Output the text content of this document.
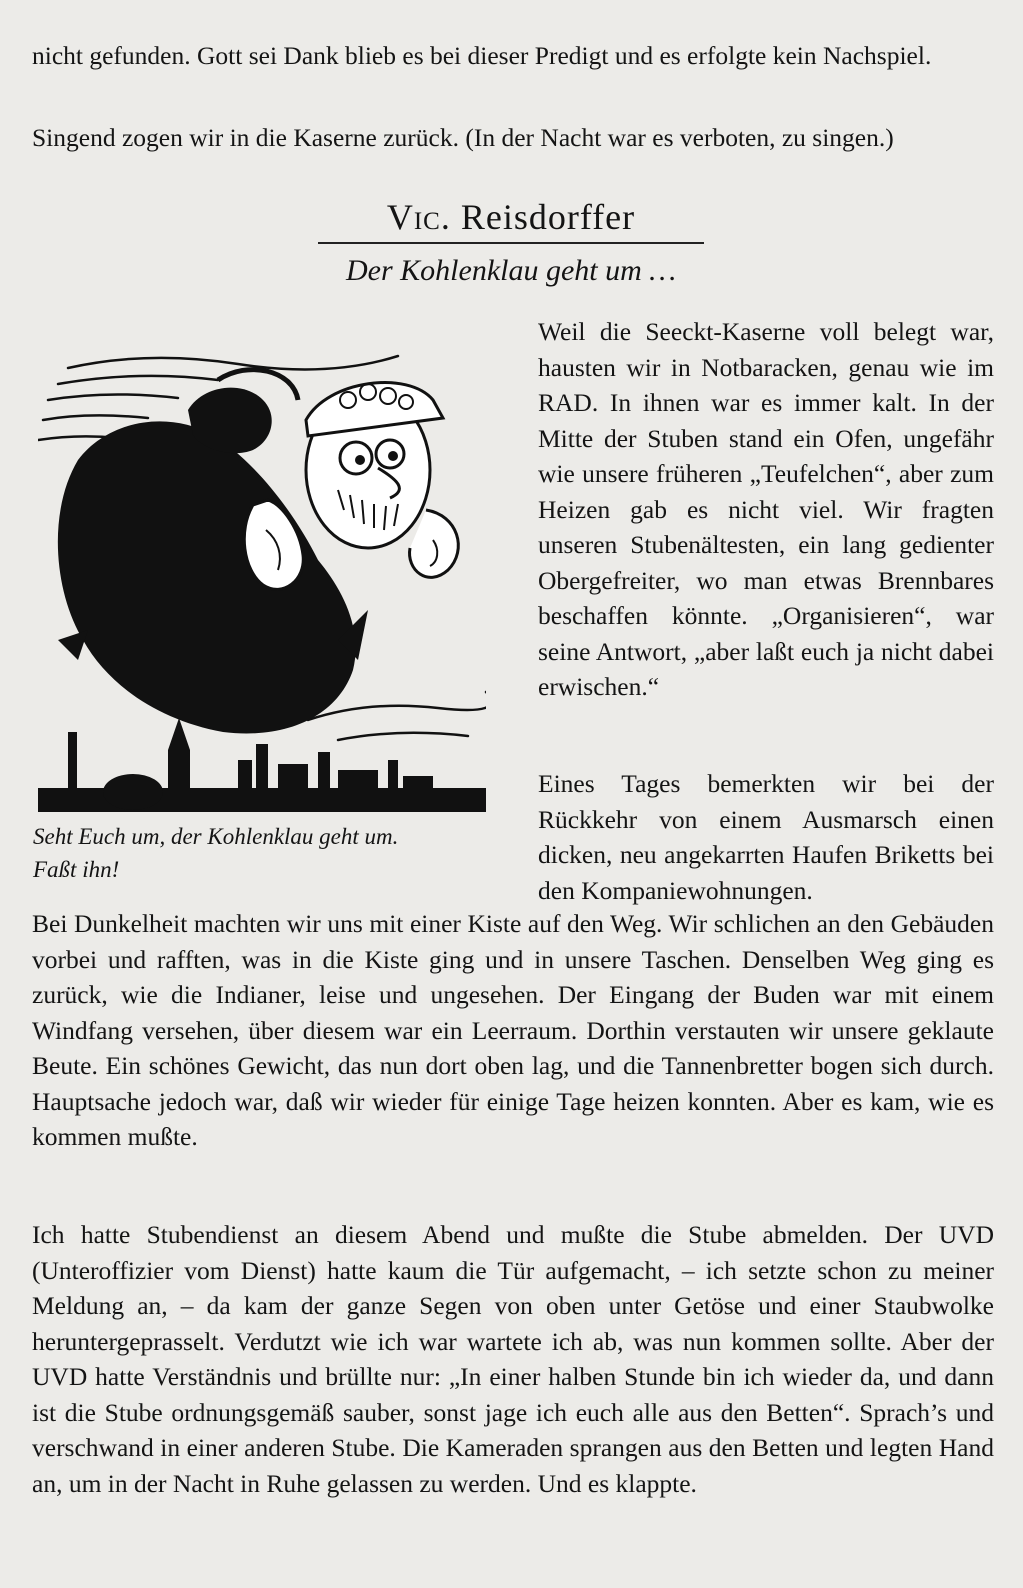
nicht gefunden. Gott sei Dank blieb es bei dieser Predigt und es erfolgte kein Nachspiel.

Singend zogen wir in die Kaserne zurück. (In der Nacht war es verboten, zu singen.)

Vic. Reisdorffer
Der Kohlenklau geht um …

Weil die Seeckt-Kaserne voll belegt war, hausten wir in Notbaracken, genau wie im RAD. In ihnen war es immer kalt. In der Mitte der Stuben stand ein Ofen, ungefähr wie unsere früheren „Teufelchen“, aber zum Heizen gab es nicht viel. Wir fragten unseren Stubenältesten, ein lang gedienter Obergefreiter, wo man etwas Brennbares beschaffen könnte. „Organisieren“, war seine Antwort, „aber laßt euch ja nicht dabei erwischen.“

Seht Euch um, der Kohlenklau geht um.
Faßt ihn!

Eines Tages bemerkten wir bei der Rückkehr von einem Ausmarsch einen dicken, neu angekarrten Haufen Briketts bei den Kompaniewohnungen.

Bei Dunkelheit machten wir uns mit einer Kiste auf den Weg. Wir schlichen an den Gebäuden vorbei und rafften, was in die Kiste ging und in unsere Taschen. Denselben Weg ging es zurück, wie die Indianer, leise und ungesehen. Der Eingang der Buden war mit einem Windfang versehen, über diesem war ein Leerraum. Dorthin verstauten wir unsere geklaute Beute. Ein schönes Gewicht, das nun dort oben lag, und die Tannenbretter bogen sich durch. Hauptsache jedoch war, daß wir wieder für einige Tage heizen konnten. Aber es kam, wie es kommen mußte.

Ich hatte Stubendienst an diesem Abend und mußte die Stube abmelden. Der UVD (Unteroffizier vom Dienst) hatte kaum die Tür aufgemacht, – ich setzte schon zu meiner Meldung an, – da kam der ganze Segen von oben unter Getöse und einer Staubwolke heruntergeprasselt. Verdutzt wie ich war wartete ich ab, was nun kommen sollte. Aber der UVD hatte Verständnis und brüllte nur: „In einer halben Stunde bin ich wieder da, und dann ist die Stube ordnungsgemäß sauber, sonst jage ich euch alle aus den Betten“. Sprach’s und verschwand in einer anderen Stube. Die Kameraden sprangen aus den Betten und legten Hand an, um in der Nacht in Ruhe gelassen zu werden. Und es klappte.
